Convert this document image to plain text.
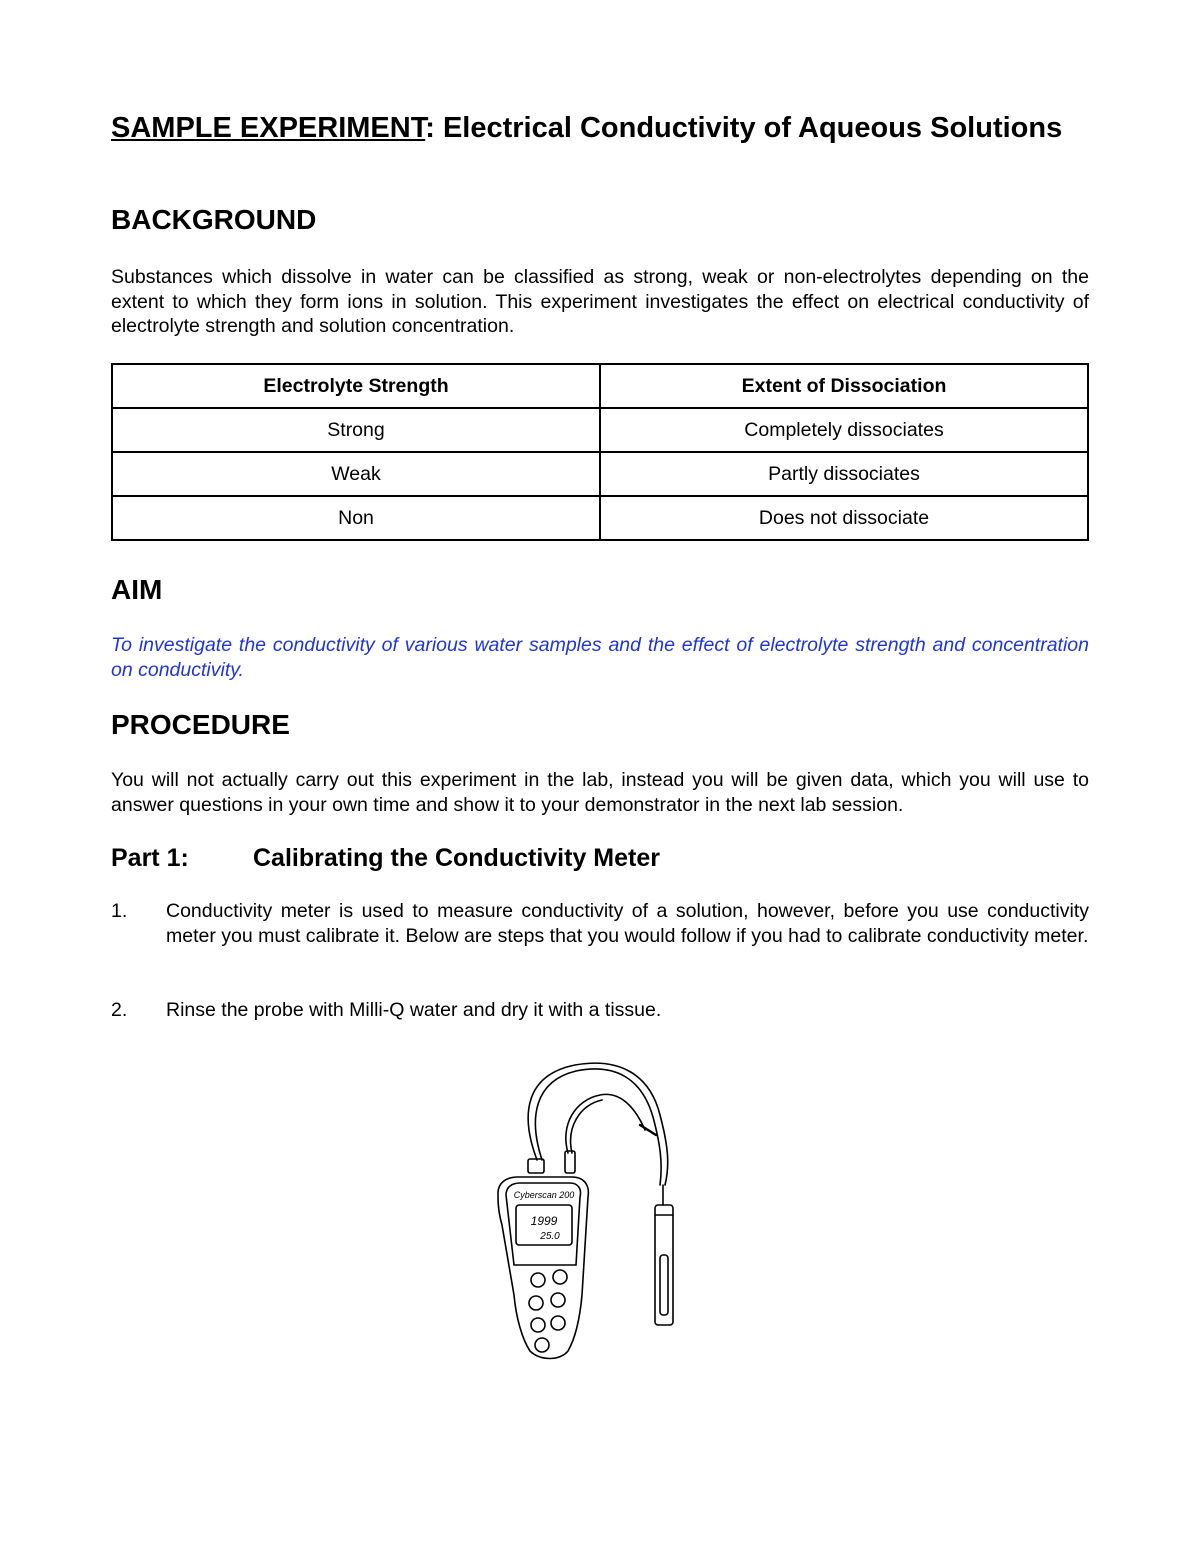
SAMPLE EXPERIMENT: Electrical Conductivity of Aqueous Solutions
BACKGROUND

Substances which dissolve in water can be classified as strong, weak or non-electrolytes depending on the extent to which they form ions in solution. This experiment investigates the effect on electrical conductivity of electrolyte strength and solution concentration.

Electrolyte Strength	Extent of Dissociation
Strong	Completely dissociates
Weak	Partly dissociates
Non	Does not dissociate
AIM

To investigate the conductivity of various water samples and the effect of electrolyte strength and concentration on conductivity.

PROCEDURE

You will not actually carry out this experiment in the lab, instead you will be given data, which you will use to answer questions in your own time and show it to your demonstrator in the next lab session.

Part 1:	Calibrating the Conductivity Meter
1. Conductivity meter is used to measure conductivity of a solution, however, before you use conductivity meter you must calibrate it. Below are steps that you would follow if you had to calibrate conductivity meter.
2. Rinse the probe with Milli-Q water and dry it with a tissue.
Cyberscan 200
1999
25.0
